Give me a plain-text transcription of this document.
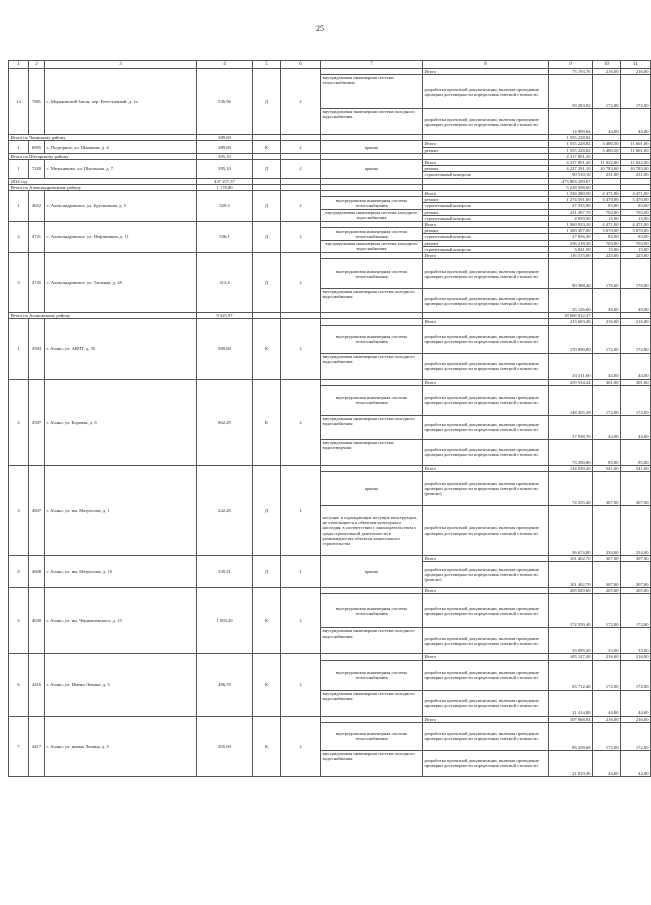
25
1	2	3	4	5	6	7	8	9	10	11
14	7081	с. Моряковский Затон, пер. Речестичный, д. 1а	536,96	Д	2		Итого	73 193,76	216,00	216,00
						внутридомовая инженерная система теплоснабжения	разработка проектной документации, включая проведение проверки достоверности определения сметной стоимости	58 283,82	172,00	172,00
						внутридомовая инженерная система холодного водоснабжения	разработка проектной документации, включая проведение проверки достоверности определения сметной стоимости	14 909,84	44,00	44,00
Итого по Чаинскому району			389,60					1 555 228,82		
1	6995	с. Подгорное, ул. Шашкова, д. 4	389,60	К	2	крыша	Итого	1 555 228,82	3 480,50	11 601,00
							ремонт	1 555 228,82	3 480,50	11 601,00
Итого по Шегарскому району			395,10					4 317 801,20		
1	7220	с. Мельниково, ул. Школьная, д. 7	395,10	Д	2	крыша	Итого	4 317 801,20	11 022,00	11 022,00
							ремонт	4 227 291,10	10 783,00	10 783,00
							строительный контроль	90 510,10	231,00	231,00
2024 год			437 257,37					473 803 299,67		
Итого по Александровскому району			1 178,80					5 228 598,60		
1	4652	с. Александровское, ул. Брусничная, д. 5	529,3	Д	2		Итого	1 536 380,50	4 471,00	4 471,00
						внутридомовая инженерная система теплоснабжения	ремонт	1 274 591,00	3 470,00	3 470,00
							строительный контроль	27 335,90	83,00	83,00
						внутридомовая инженерная система холодного водоснабжения	ремонт	231 497,70	703,00	703,00
							строительный контроль	4 959,50	15,00	15,00
2	4721	с. Александровское, ул. Нефтяников, д. 11	536,1	Д	2		Итого	1 569 923,10	4 471,00	4 471,00
						внутридомовая инженерная система теплоснабжения	ремонт	1 300 307,00	3 670,00	3 670,00
							строительный контроль	27 956,30	83,00	83,00
						внутридомовая инженерная система холодного водоснабжения	ремонт	236 218,30	703,00	703,00
							строительный контроль	5 041,50	15,00	15,00
3	4745	с. Александровское, ул. Таежная, д. 28	313,4	Д	2		Итого	116 515,00	225,00	225,00
						внутридомовая инженерная система теплоснабжения	разработка проектной документации, включая проведение проверки достоверности определения сметной стоимости	90 388,40	176,00	176,00
						внутридомовая инженерная система холодного водоснабжения	разработка проектной документации, включая проведение проверки достоверности определения сметной стоимости	25 126,60	49,00	49,00
Итого по Асиновскому району			9 325,97					18 666 812,37		
1	4584	г. Асино, ул. АВПТ, д. 35	980,60	К	2		Итого	213 603,40	216,00	216,00
						внутридомовая инженерная система теплоснабжения	разработка проектной документации, включая проведение проверки достоверности определения сметной стоимости	170 090,80	172,00	172,00
						внутридомовая инженерная система холодного водоснабжения	разработка проектной документации, включая проведение проверки достоверности определения сметной стоимости	43 511,60	44,00	44,00
2	4587	г. Асино, ул. Боровая, д. 6	862,29	К	2		Итого	259 534,24	301,00	301,00
						внутридомовая инженерная система теплоснабжения	разработка проектной документации, включая проведение проверки достоверности определения сметной стоимости	148 305,28	172,00	172,00
						внутридомовая инженерная система холодного водоснабжения	разработка проектной документации, включая проведение проверки достоверности определения сметной стоимости	37 938,76	44,00	44,00
						внутридомовая инженерная система водоотведения	разработка проектной документации, включая проведение проверки достоверности определения сметной стоимости	73 290,80	85,00	85,00
3	4607	г. Асино, ул. им. Матросова, д. 1	242,20	Д	1		Итого	134 039,20	541,00	541,00
						крыша	разработка проектной документации, включая проведение проверки достоверности определения сметной стоимости (ремонт)	74 355,40	307,00	307,00
						несущие и ограждающие несущие конструкции, не относящиеся к объектам культурного наследия, в соответствии с законодательством о градостроительной деятельности в разновидностях объектов капитального строительства	разработка проектной документации, включая проведение проверки достоверности определения сметной стоимости	56 674,80	234,00	234,00
4	4608	г. Асино, ул. им. Матросова, д. 10	330,31	Д	1	крыша	Итого	101 402,70	307,00	307,00
							разработка проектной документации, включая проведение проверки достоверности определения сметной стоимости (ремонт)	101 402,70	307,00	307,00
5	4630	г. Асино, ул. им. Чернышевского, д. 15	1 003,20	К	2		Итого	205 649,60	205,00	205,00
						внутридомовая инженерная система теплоснабжения	разработка проектной документации, включая проведение проверки достоверности определения сметной стоимости	172 550,40	172,00	172,00
						внутридомовая инженерная система холодного водоснабжения	разработка проектной документации, включая проведение проверки достоверности определения сметной стоимости	33 099,20	33,00	33,00
6	4416	г. Асино, ул. Имени Ленина, д. 3	486,70	К	2		Итого	105 127,20	216,00	216,00
						внутридомовая инженерная система теплоснабжения	разработка проектной документации, включая проведение проверки достоверности определения сметной стоимости	83 712,40	172,00	172,00
						внутридомовая инженерная система холодного водоснабжения	разработка проектной документации, включая проведение проверки достоверности определения сметной стоимости	21 414,80	44,00	44,00
7	4417	г. Асино, ул. имени Ленина, д. 5	495,69	К	2		Итого	107 068,04	216,00	216,00
						внутридомовая инженерная система теплоснабжения	разработка проектной документации, включая проведение проверки достоверности определения сметной стоимости	85 258,68	172,00	172,00
						внутридомовая инженерная система холодного водоснабжения	разработка проектной документации, включая проведение проверки достоверности определения сметной стоимости	21 810,36	44,00	44,00
